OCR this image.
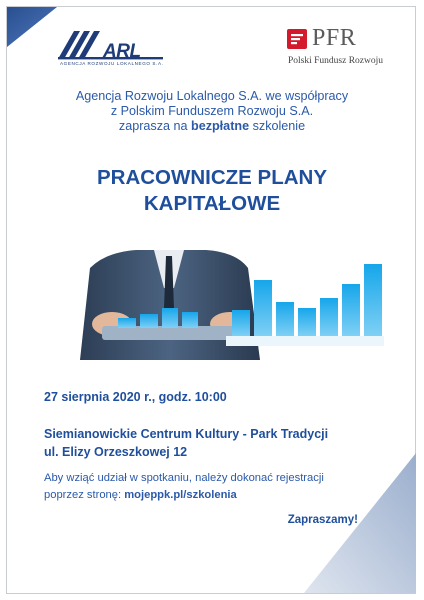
ARL
AGENCJA ROZWOJU LOKALNEGO S.A.
PFR
Polski Fundusz Rozwoju
Agencja Rozwoju Lokalnego S.A. we współpracy
z Polskim Funduszem Rozwoju S.A.
zaprasza na bezpłatne szkolenie
PRACOWNICZE PLANY
KAPITAŁOWE
27 sierpnia 2020 r., godz. 10:00
Siemianowickie Centrum Kultury - Park Tradycji
ul. Elizy Orzeszkowej 12
Aby wziąć udział w spotkaniu, należy dokonać rejestracji
poprzez stronę: mojeppk.pl/szkolenia
Zapraszamy!
